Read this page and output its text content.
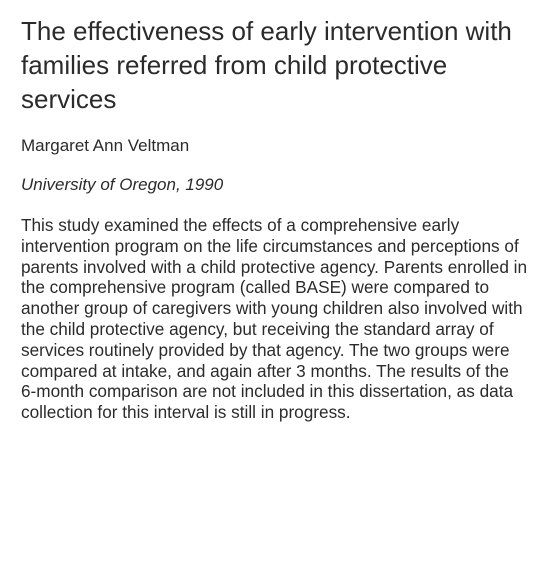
The effectiveness of early intervention with families referred from child protective services

Margaret Ann Veltman

University of Oregon, 1990

This study examined the effects of a comprehensive early intervention program on the life circumstances and perceptions of parents involved with a child protective agency. Parents enrolled in the comprehensive program (called BASE) were compared to another group of caregivers with young children also involved with the child protective agency, but receiving the standard array of services routinely provided by that agency. The two groups were compared at intake, and again after 3 months. The results of the 6-month comparison are not included in this dissertation, as data collection for this interval is still in progress.
